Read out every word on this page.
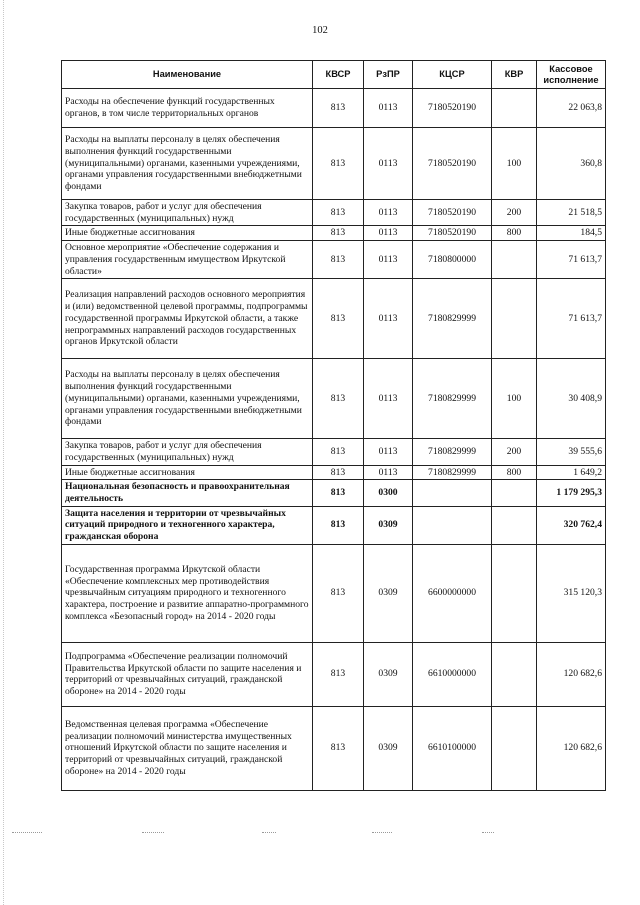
102
Наименование	КВСР	РзПР	КЦСР	КВР	Кассовое
исполнение
Расходы на обеспечение функций государственных органов, в том числе территориальных органов	813	0113	7180520190		22 063,8
Расходы на выплаты персоналу в целях обеспечения выполнения функций государственными (муниципальными) органами, казенными учреждениями, органами управления государственными внебюджетными фондами	813	0113	7180520190	100	360,8
Закупка товаров, работ и услуг для обеспечения государственных (муниципальных) нужд	813	0113	7180520190	200	21 518,5
Иные бюджетные ассигнования	813	0113	7180520190	800	184,5
Основное мероприятие «Обеспечение содержания и управления государственным имуществом Иркутской области»	813	0113	7180800000		71 613,7
Реализация направлений расходов основного мероприятия и (или) ведомственной целевой программы, подпрограммы государственной программы Иркутской области, а также непрограммных направлений расходов государственных органов Иркутской области	813	0113	7180829999		71 613,7
Расходы на выплаты персоналу в целях обеспечения выполнения функций государственными (муниципальными) органами, казенными учреждениями, органами управления государственными внебюджетными фондами	813	0113	7180829999	100	30 408,9
Закупка товаров, работ и услуг для обеспечения государственных (муниципальных) нужд	813	0113	7180829999	200	39 555,6
Иные бюджетные ассигнования	813	0113	7180829999	800	1 649,2
Национальная безопасность и правоохранительная деятельность	813	0300			1 179 295,3
Защита населения и территории от чрезвычайных ситуаций природного и техногенного характера, гражданская оборона	813	0309			320 762,4
Государственная программа Иркутской области «Обеспечение комплексных мер противодействия чрезвычайным ситуациям природного и техногенного характера, построение и развитие аппаратно-программного комплекса «Безопасный город» на 2014 - 2020 годы	813	0309	6600000000		315 120,3
Подпрограмма «Обеспечение реализации полномочий Правительства Иркутской области по защите населения и территорий от чрезвычайных ситуаций, гражданской обороне» на 2014 - 2020 годы	813	0309	6610000000		120 682,6
Ведомственная целевая программа «Обеспечение реализации полномочий министерства имущественных отношений Иркутской области по защите населения и территорий от чрезвычайных ситуаций, гражданской обороне» на 2014 - 2020 годы	813	0309	6610100000		120 682,6
